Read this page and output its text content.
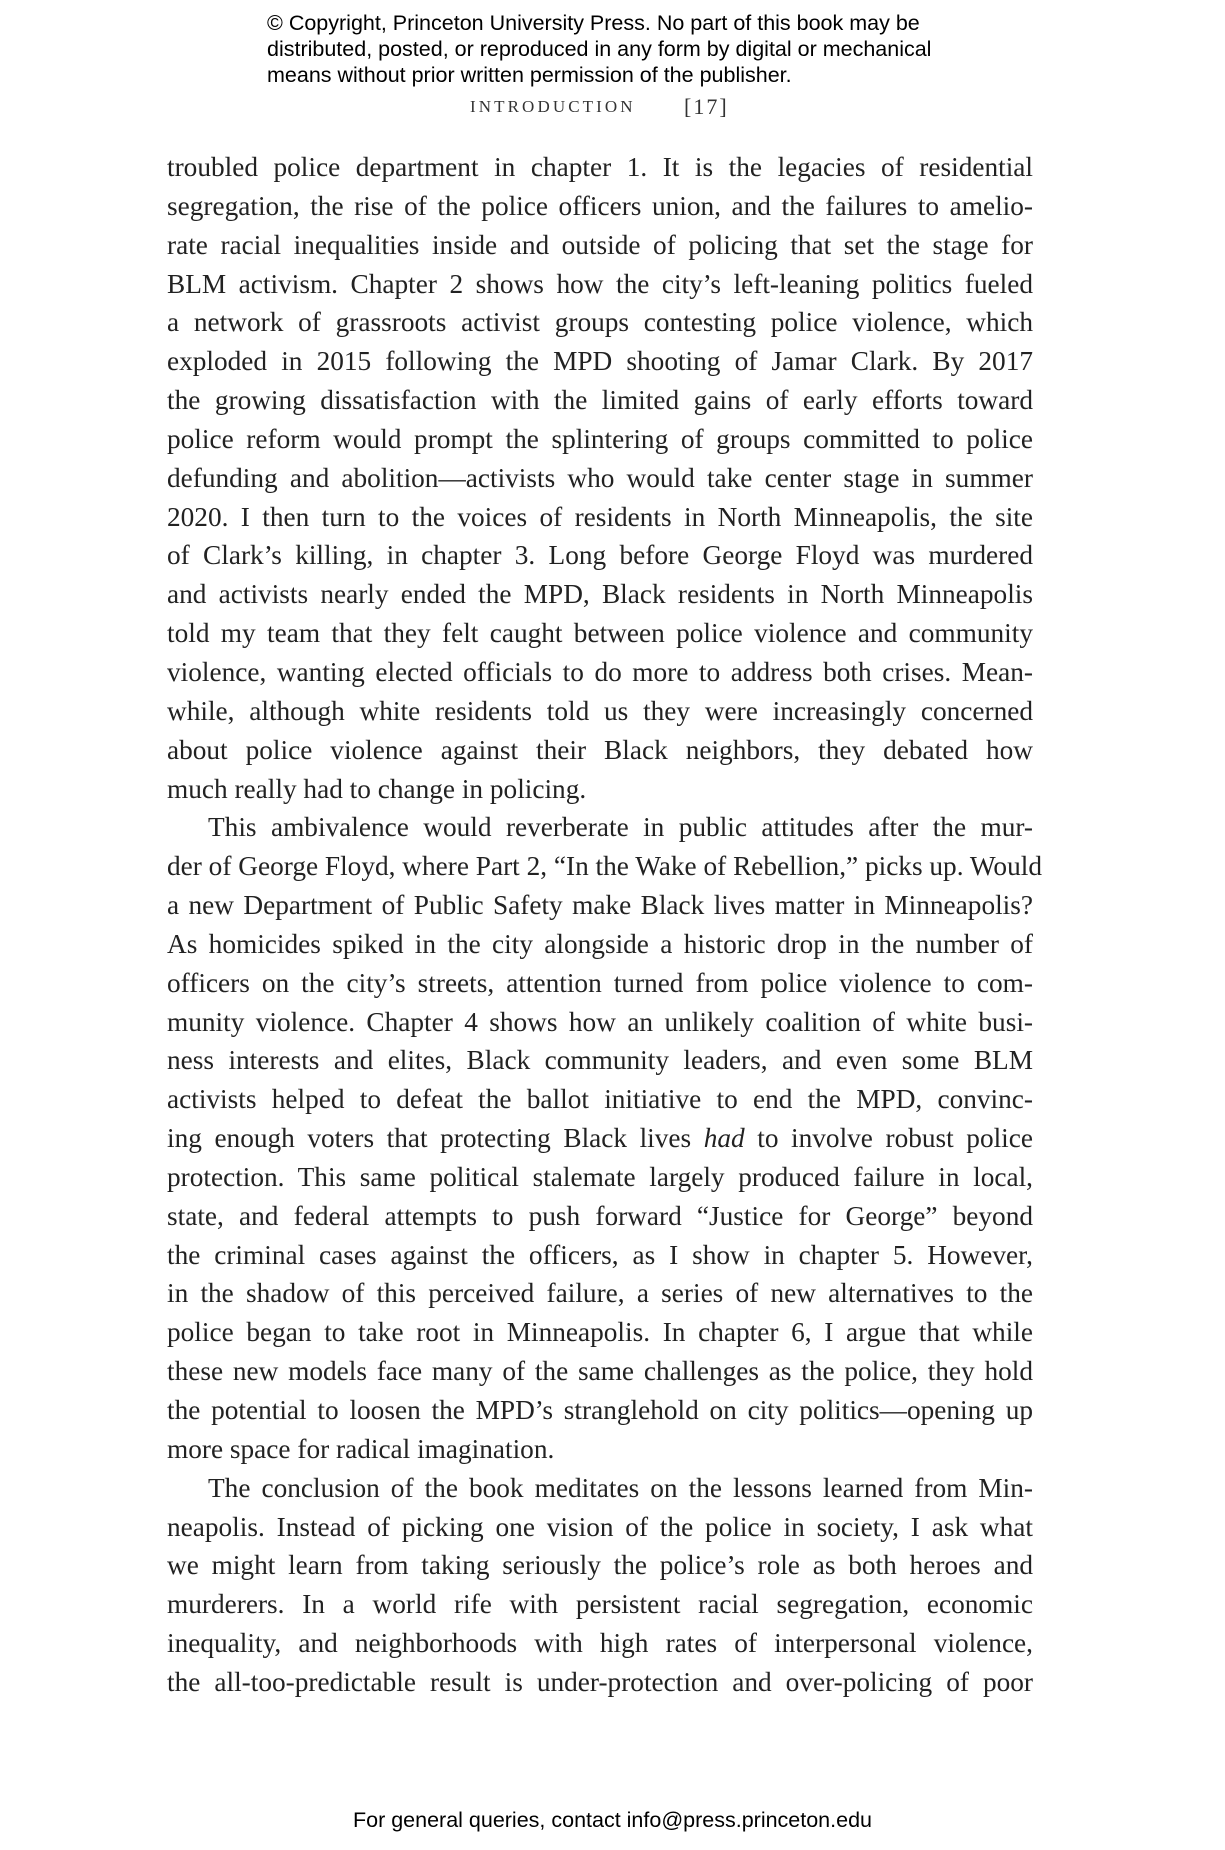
© Copyright, Princeton University Press. No part of this book may be
distributed, posted, or reproduced in any form by digital or mechanical
means without prior written permission of the publisher.
INTRODUCTION [17]
troubled police department in chapter 1. It is the legacies of residential
segregation, the rise of the police officers union, and the failures to amelio-
rate racial inequalities inside and outside of policing that set the stage for
BLM activism. Chapter 2 shows how the city’s left-leaning politics fueled
a network of grassroots activist groups contesting police violence, which
exploded in 2015 following the MPD shooting of Jamar Clark. By 2017
the growing dissatisfaction with the limited gains of early efforts toward
police reform would prompt the splintering of groups committed to police
defunding and abolition—activists who would take center stage in summer
2020. I then turn to the voices of residents in North Minneapolis, the site
of Clark’s killing, in chapter 3. Long before George Floyd was murdered
and activists nearly ended the MPD, Black residents in North Minneapolis
told my team that they felt caught between police violence and community
violence, wanting elected officials to do more to address both crises. Mean-
while, although white residents told us they were increasingly concerned
about police violence against their Black neighbors, they debated how
much really had to change in policing.
This ambivalence would reverberate in public attitudes after the mur-
der of George Floyd, where Part 2, “In the Wake of Rebellion,” picks up. Would
a new Department of Public Safety make Black lives matter in Minneapolis?
As homicides spiked in the city alongside a historic drop in the number of
officers on the city’s streets, attention turned from police violence to com-
munity violence. Chapter 4 shows how an unlikely coalition of white busi-
ness interests and elites, Black community leaders, and even some BLM
activists helped to defeat the ballot initiative to end the MPD, convinc-
ing enough voters that protecting Black lives had to involve robust police
protection. This same political stalemate largely produced failure in local,
state, and federal attempts to push forward “Justice for George” beyond
the criminal cases against the officers, as I show in chapter 5. However,
in the shadow of this perceived failure, a series of new alternatives to the
police began to take root in Minneapolis. In chapter 6, I argue that while
these new models face many of the same challenges as the police, they hold
the potential to loosen the MPD’s stranglehold on city politics—opening up
more space for radical imagination.
The conclusion of the book meditates on the lessons learned from Min-
neapolis. Instead of picking one vision of the police in society, I ask what
we might learn from taking seriously the police’s role as both heroes and
murderers. In a world rife with persistent racial segregation, economic
inequality, and neighborhoods with high rates of interpersonal violence,
the all-too-predictable result is under-protection and over-policing of poor
For general queries, contact info@press.princeton.edu
